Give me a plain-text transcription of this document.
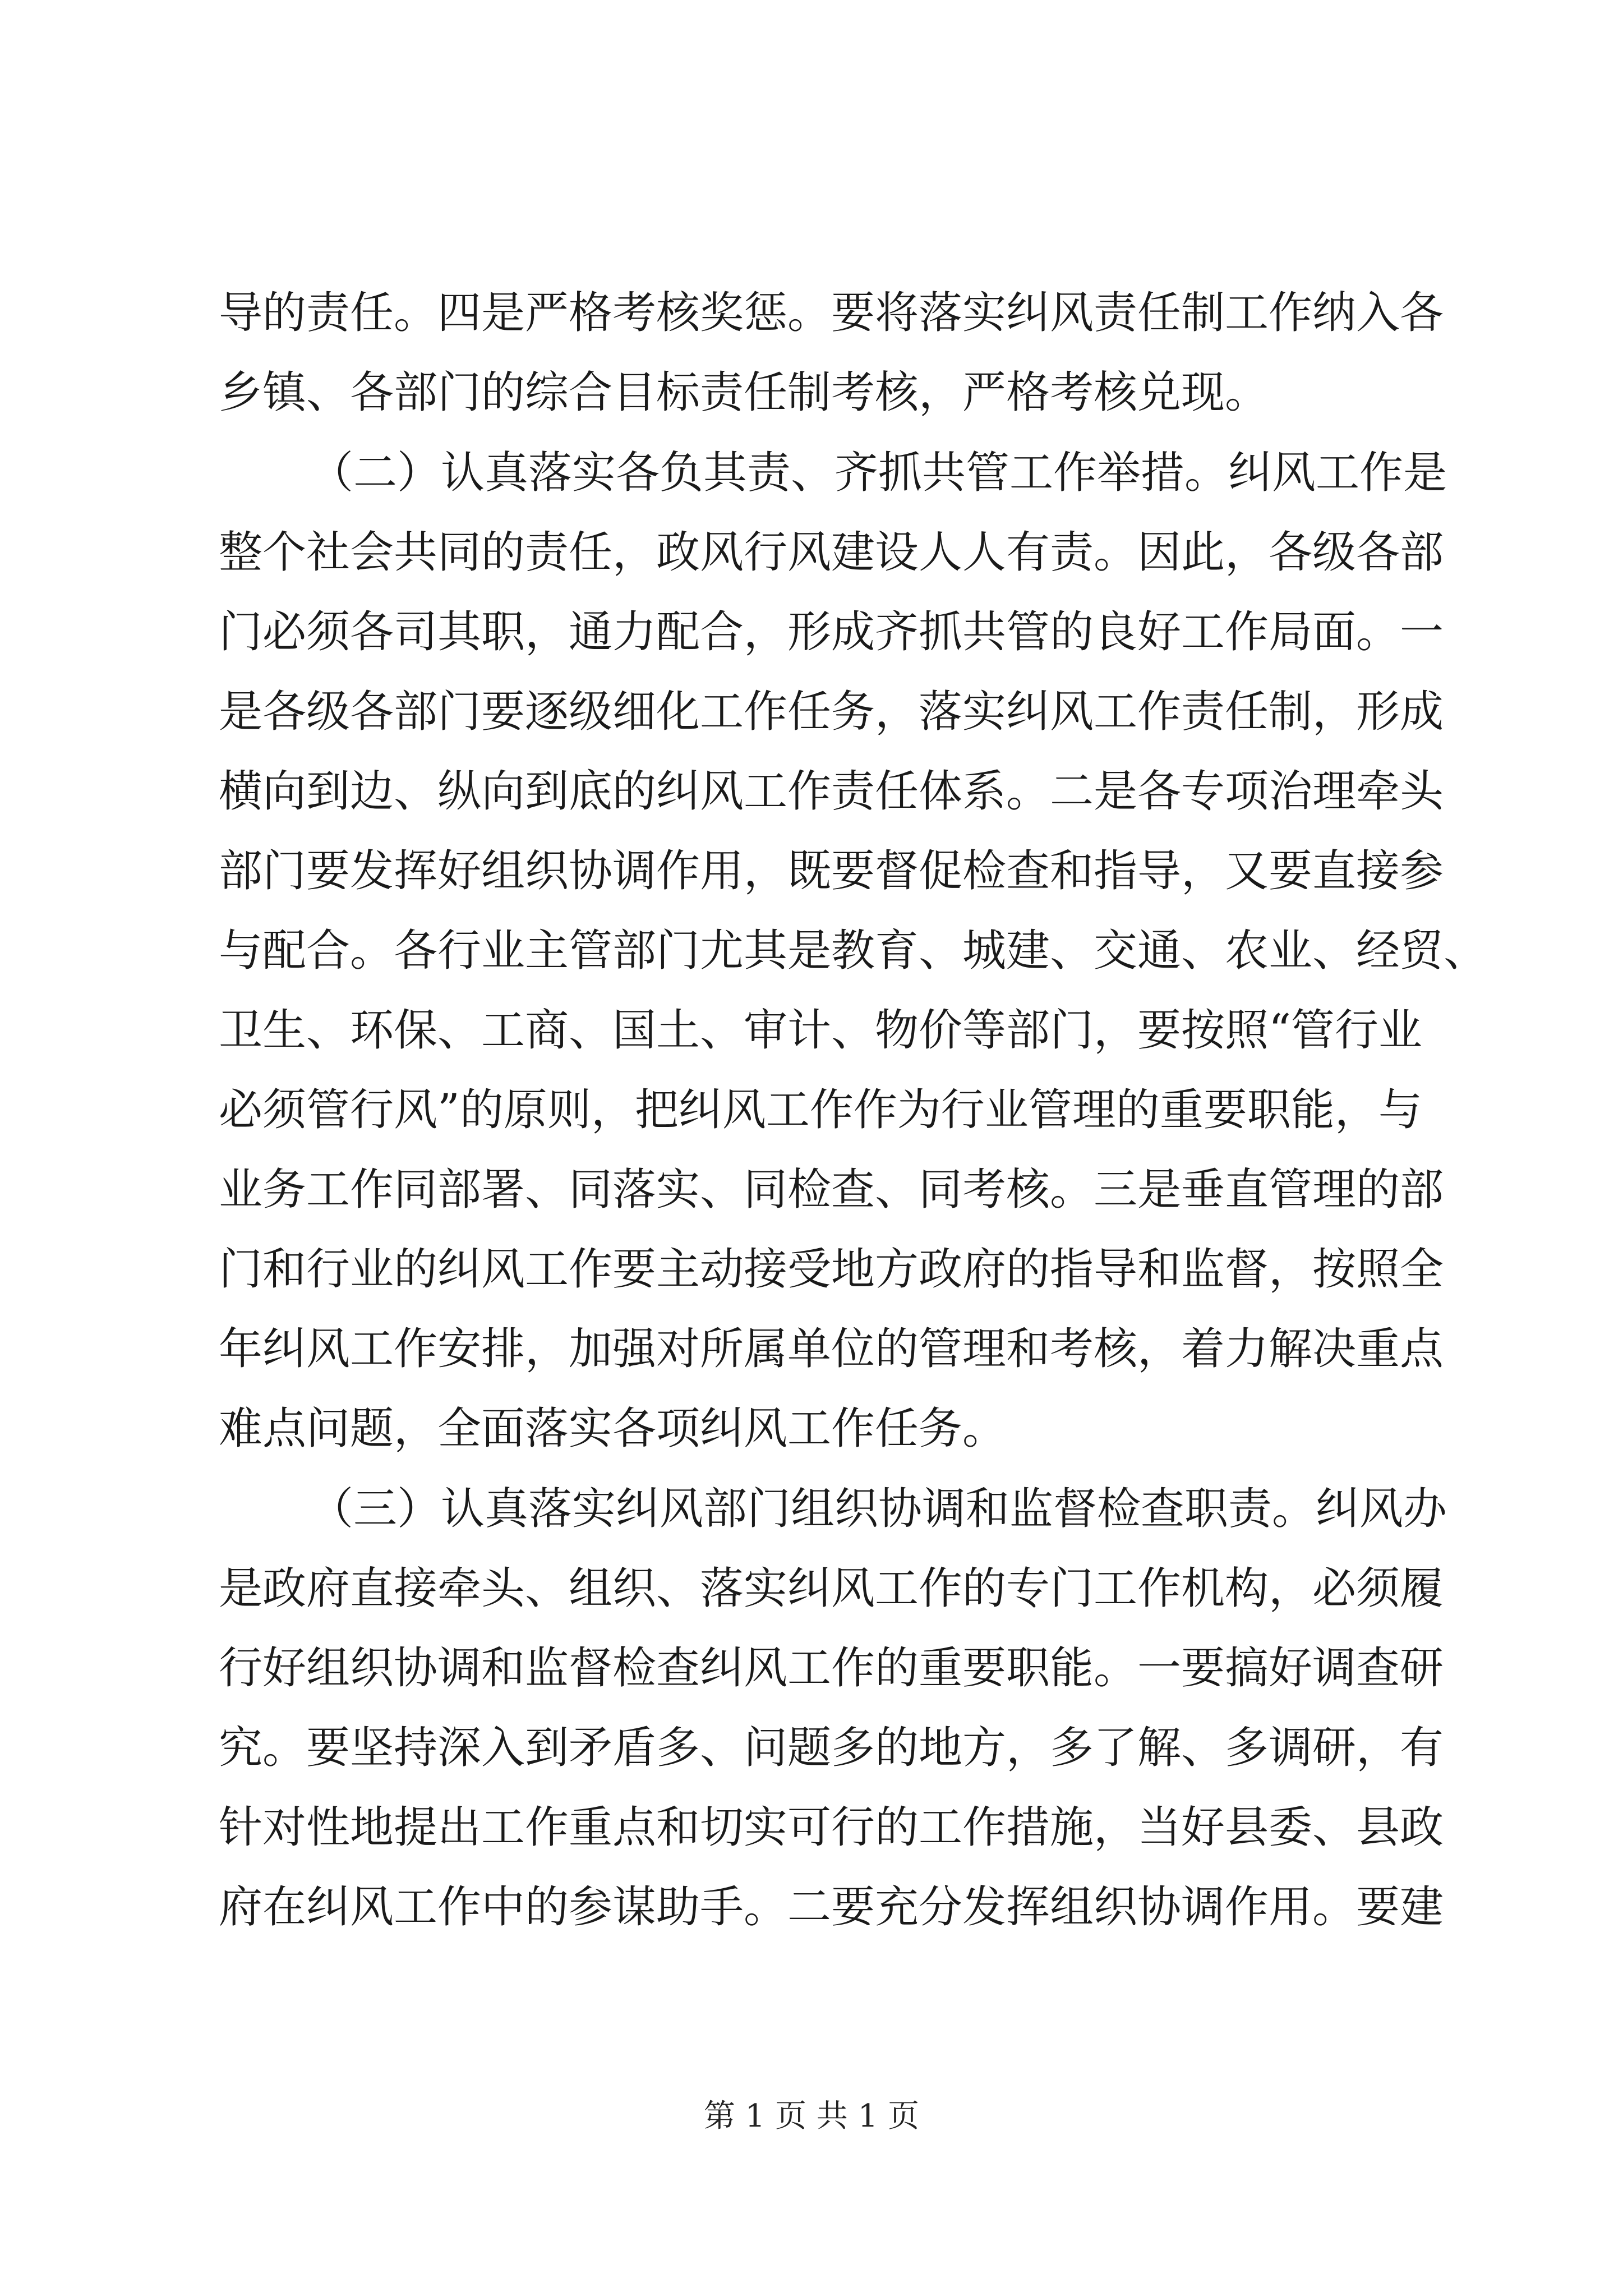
导的责任。四是严格考核奖惩。要将落实纠风责任制工作纳入各
乡镇、各部门的综合目标责任制考核，严格考核兑现。
（二）认真落实各负其责、齐抓共管工作举措。纠风工作是
整个社会共同的责任，政风行风建设人人有责。因此，各级各部
门必须各司其职，通力配合，形成齐抓共管的良好工作局面。一
是各级各部门要逐级细化工作任务，落实纠风工作责任制，形成
横向到边、纵向到底的纠风工作责任体系。二是各专项治理牵头
部门要发挥好组织协调作用，既要督促检查和指导，又要直接参
与配合。各行业主管部门尤其是教育、城建、交通、农业、经贸、
卫生、环保、工商、国土、审计、物价等部门，要按照“管行业
必须管行风”的原则，把纠风工作作为行业管理的重要职能，与
业务工作同部署、同落实、同检查、同考核。三是垂直管理的部
门和行业的纠风工作要主动接受地方政府的指导和监督，按照全
年纠风工作安排，加强对所属单位的管理和考核，着力解决重点
难点问题，全面落实各项纠风工作任务。
（三）认真落实纠风部门组织协调和监督检查职责。纠风办
是政府直接牵头、组织、落实纠风工作的专门工作机构，必须履
行好组织协调和监督检查纠风工作的重要职能。一要搞好调查研
究。要坚持深入到矛盾多、问题多的地方，多了解、多调研，有
针对性地提出工作重点和切实可行的工作措施，当好县委、县政
府在纠风工作中的参谋助手。二要充分发挥组织协调作用。要建
第 1 页 共 1 页
